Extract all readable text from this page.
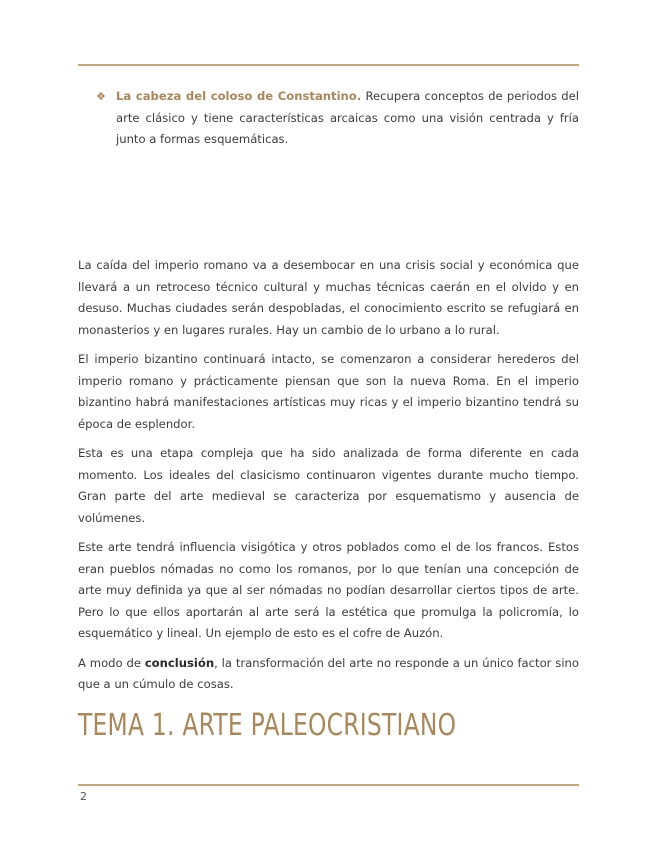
❖ La cabeza del coloso de Constantino. Recupera conceptos de periodos del arte clásico y tiene características arcaicas como una visión centrada y fría junto a formas esquemáticas.

La caída del imperio romano va a desembocar en una crisis social y económica que llevará a un retroceso técnico cultural y muchas técnicas caerán en el olvido y en desuso. Muchas ciudades serán despobladas, el conocimiento escrito se refugiará en monasterios y en lugares rurales. Hay un cambio de lo urbano a lo rural.

El imperio bizantino continuará intacto, se comenzaron a considerar herederos del imperio romano y prácticamente piensan que son la nueva Roma. En el imperio bizantino habrá manifestaciones artísticas muy ricas y el imperio bizantino tendrá su época de esplendor.

Esta es una etapa compleja que ha sido analizada de forma diferente en cada momento. Los ideales del clasicismo continuaron vigentes durante mucho tiempo. Gran parte del arte medieval se caracteriza por esquematismo y ausencia de volúmenes.

Este arte tendrá influencia visigótica y otros poblados como el de los francos. Estos eran pueblos nómadas no como los romanos, por lo que tenían una concepción de arte muy definida ya que al ser nómadas no podían desarrollar ciertos tipos de arte. Pero lo que ellos aportarán al arte será la estética que promulga la policromía, lo esquemático y lineal. Un ejemplo de esto es el cofre de Auzón.

A modo de conclusión, la transformación del arte no responde a un único factor sino que a un cúmulo de cosas.

TEMA 1. ARTE PALEOCRISTIANO
2
